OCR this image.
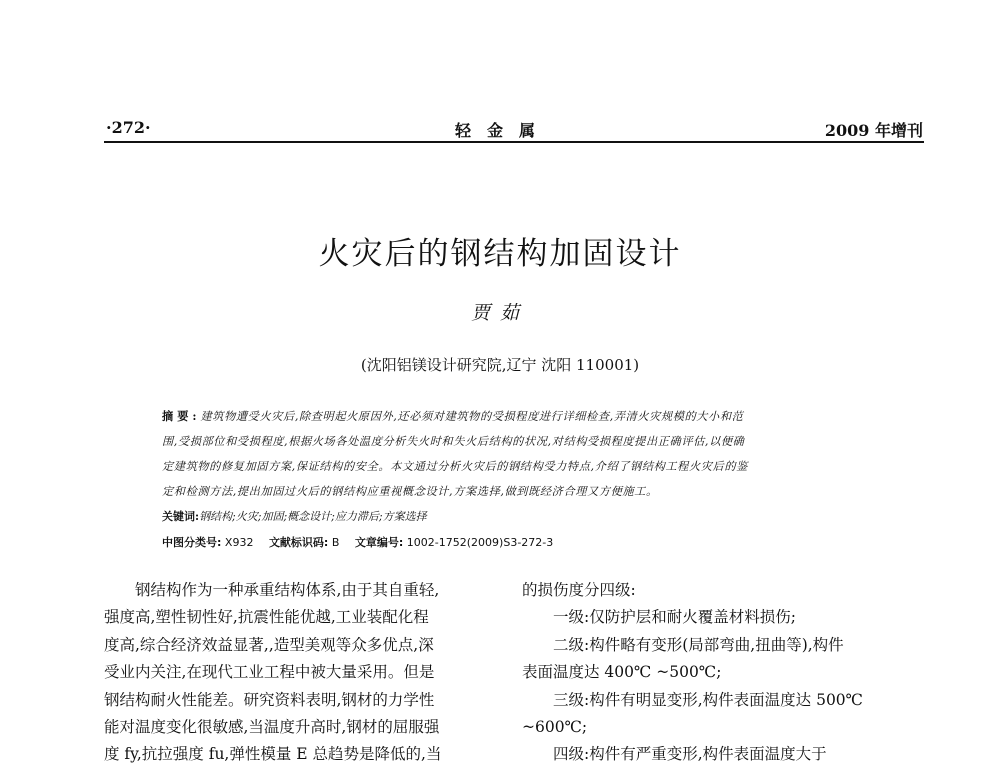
·272·	轻金属	2009 年增刊
火灾后的钢结构加固设计
贾茹
(沈阳铝镁设计研究院,辽宁 沈阳 110001)
摘要:建筑物遭受火灾后,除查明起火原因外,还必须对建筑物的受损程度进行详细检查,弄清火灾规模的大小和范
围,受损部位和受损程度,根据火场各处温度分析失火时和失火后结构的状况,对结构受损程度提出正确评估,以便确
定建筑物的修复加固方案,保证结构的安全。本文通过分析火灾后的钢结构受力特点,介绍了钢结构工程火灾后的鉴
定和检测方法,提出加固过火后的钢结构应重视概念设计,方案选择,做到既经济合理又方便施工。
关键词:钢结构;火灾;加固;概念设计;应力滞后;方案选择
中图分类号: X932 文献标识码: B 文章编号: 1002-1752(2009)S3-272-3
钢结构作为一种承重结构体系,由于其自重轻,
强度高,塑性韧性好,抗震性能优越,工业装配化程
度高,综合经济效益显著,,造型美观等众多优点,深
受业内关注,在现代工业工程中被大量采用。但是
钢结构耐火性能差。研究资料表明,钢材的力学性
能对温度变化很敏感,当温度升高时,钢材的屈服强
度 fy,抗拉强度 fu,弹性模量 E 总趋势是降低的,当
的损伤度分四级:
一级:仅防护层和耐火覆盖材料损伤;
二级:构件略有变形(局部弯曲,扭曲等),构件
表面温度达 400℃ ~500℃;
三级:构件有明显变形,构件表面温度达 500℃
~600℃;
四级:构件有严重变形,构件表面温度大于
